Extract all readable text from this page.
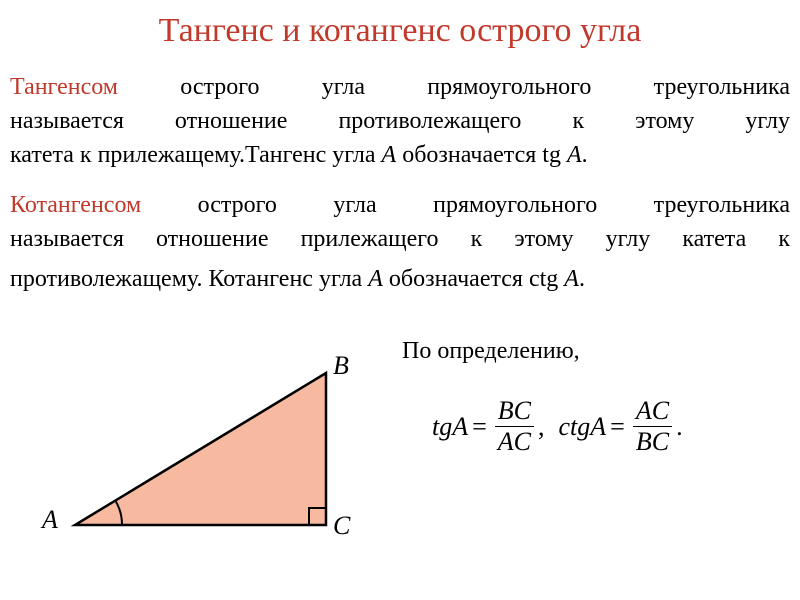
Тангенс и котангенс острого угла
Тангенсом острого угла прямоугольного треугольника
называется отношение противолежащего к этому углу
катета к прилежащему.Тангенс угла A обозначается tg A.
Котангенсом острого угла прямоугольного треугольника
называется отношение прилежащего к этому углу катета к
противолежащему. Котангенс угла A обозначается ctg A.
По определению,
tgA = $\frac{BC}{AC}$ , ctgA = $\frac{AC}{BC}$ .
A
B
C
